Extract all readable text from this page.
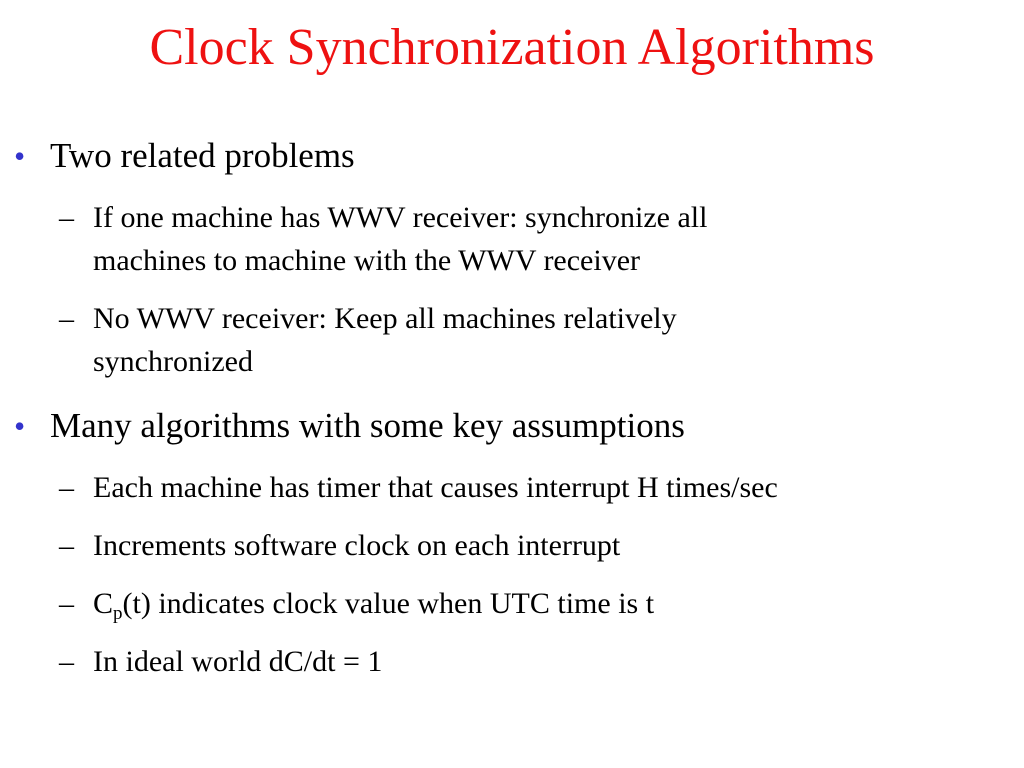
Clock Synchronization Algorithms
• Two related problems
– If one machine has WWV receiver: synchronize all
machines to machine with the WWV receiver
– No WWV receiver: Keep all machines relatively
synchronized
• Many algorithms with some key assumptions
– Each machine has timer that causes interrupt H times/sec
– Increments software clock on each interrupt
– $C_p(t)$ indicates clock value when UTC time is t
– In ideal world dC/dt = 1
